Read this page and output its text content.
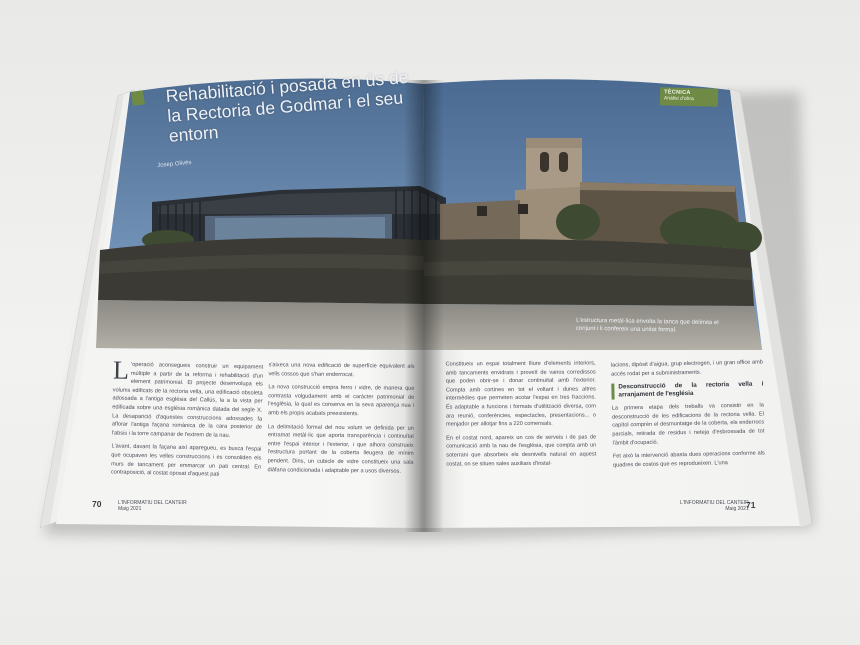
Rehabilitació i posada en ús de la Rectoria de Godmar i el seu entorn
Josep Olivés
TÈCNICA
Anàlisi d'obra
L'estructura metàl·lica envolta la tanca que delimita el conjunt i li confereix una unitat formal.

L 'operació aconsegueix construir un equipament múltiple a partir de la reforma i rehabilitació d'un element patrimonial. El projecte desenvolupa els volums edificats de la rectoria vella, una edificació obsoleta adossada a l'antiga església del Callús, la a la vista per edificada sobre una església romànica datada del segle X. La desaparició d'aquestes construccions adossades fa aflorar l'antiga façana romànica de la cara posterior de l'absis i la torre campanar de l'extrem de la nau.

L'avant, davant la façana així aparegueu, es busca l'espai que ocupaven les velles construccions i es consoliden els murs de tancament per emmarcar un pati central. En contraposició, al costat oposat d'aquest pati

s'aixeca una nova edificació de superfície equivalent als vells cossos que s'han enderrocat.

La nova construcció empra ferro i vidre, de manera que contrasta volgudament amb el caràcter patrimonial de l'església, la qual es conserva en la seva aparença nua i amb els propis acabats preexistents.

La delimitació formal del nou volum ve definida per un entramat metàl·lic que aporta transparència i continuïtat entre l'espai interior i l'exterior, i que alhora construeix l'estructura portant de la coberta lleugera de mínim pendent. Dins, un cubicle de vidre constitueix una sala diàfana condicionada i adaptable per a usos diversos.

Constitueix un espai totalment lliure d'elements interiors, amb tancaments envidrats i proveït de vanos corredissos que poden obrir-se i donar continuïtat amb l'exterior. Compta amb cortines en tot el voltant i dunes altres intermèdies que permeten acotar l'espai en tres fraccions. És adaptable a funcions i formats d'utilització diversa, com ara reunió, conferències, espectacles, presentacions... o menjador per allotjar fins a 220 comensals.

En el costat nord, apareix un cos de serveis i de pas de comunicació amb la nau de l'església, que compta amb un soterrani que absorbeix els desnivells natural en aquest costat, on se situen sales auxiliars d'instal·

lacions, dipòsit d'aigua, grup electrogen, i un gran office amb accés rodat per a subministraments.

Desconstrucció de la rectoria vella i arranjament de l'església

La primera etapa dels treballs va consistir en la desconstrucció de les edificacions de la rectoria vella. El capítol comprèn el desmuntatge de la coberta, els enderrocs parcials, retirada de residus i neteja d'esbrossada de tot l'àmbit d'ocupació.

Fet això la intervenció abasta dues operacions conforme als quadres de costos que es reprodueixen. L'una

70	L'INFORMATIU DEL CANTEIR
Maig 2021
L'INFORMATIU DEL CANTEIR
Maig 2021
71
